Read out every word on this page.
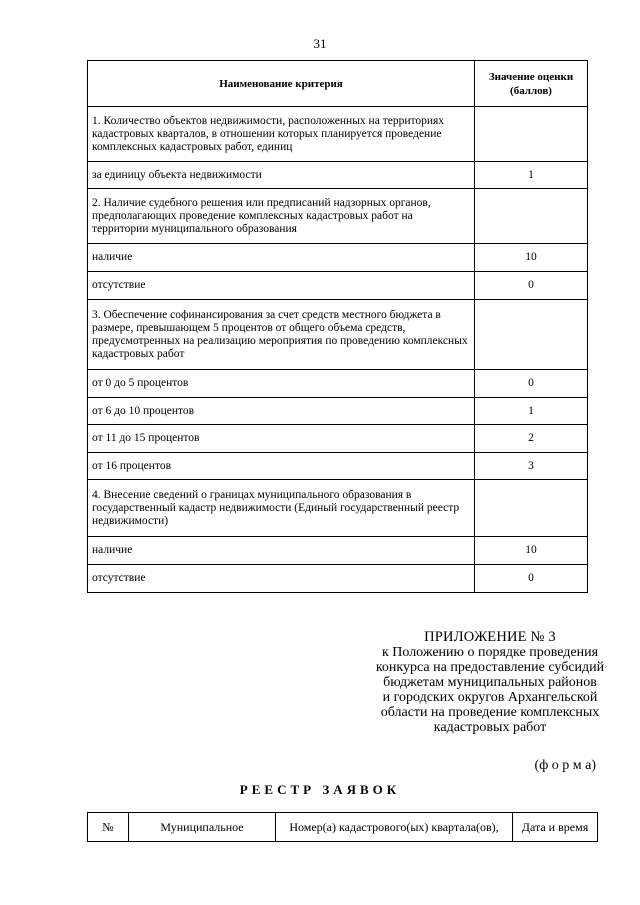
31
Наименование критерия	Значение оценки (баллов)
1. Количество объектов недвижимости, расположенных на территориях кадастровых кварталов, в отношении которых планируется проведение комплексных кадастровых работ, единиц	
за единицу объекта недвижимости	1
2. Наличие судебного решения или предписаний надзорных органов, предполагающих проведение комплексных кадастровых работ на территории муниципального образования	
наличие	10
отсутствие	0
3. Обеспечение софинансирования за счет средств местного бюджета в размере, превышающем 5 процентов от общего объема средств, предусмотренных на реализацию мероприятия по проведению комплексных кадастровых работ	
от 0 до 5 процентов	0
от 6 до 10 процентов	1
от 11 до 15 процентов	2
от 16 процентов	3
4. Внесение сведений о границах муниципального образования в государственный кадастр недвижимости (Единый государственный реестр недвижимости)	
наличие	10
отсутствие	0
ПРИЛОЖЕНИЕ № 3
к Положению о порядке проведения
конкурса на предоставление субсидий
бюджетам муниципальных районов
и городских округов Архангельской
области на проведение комплексных
кадастровых работ
(ф о р м а)
РЕЕСТР ЗАЯВОК
№	Муниципальное	Номер(а) кадастрового(ых) квартала(ов),	Дата и время
